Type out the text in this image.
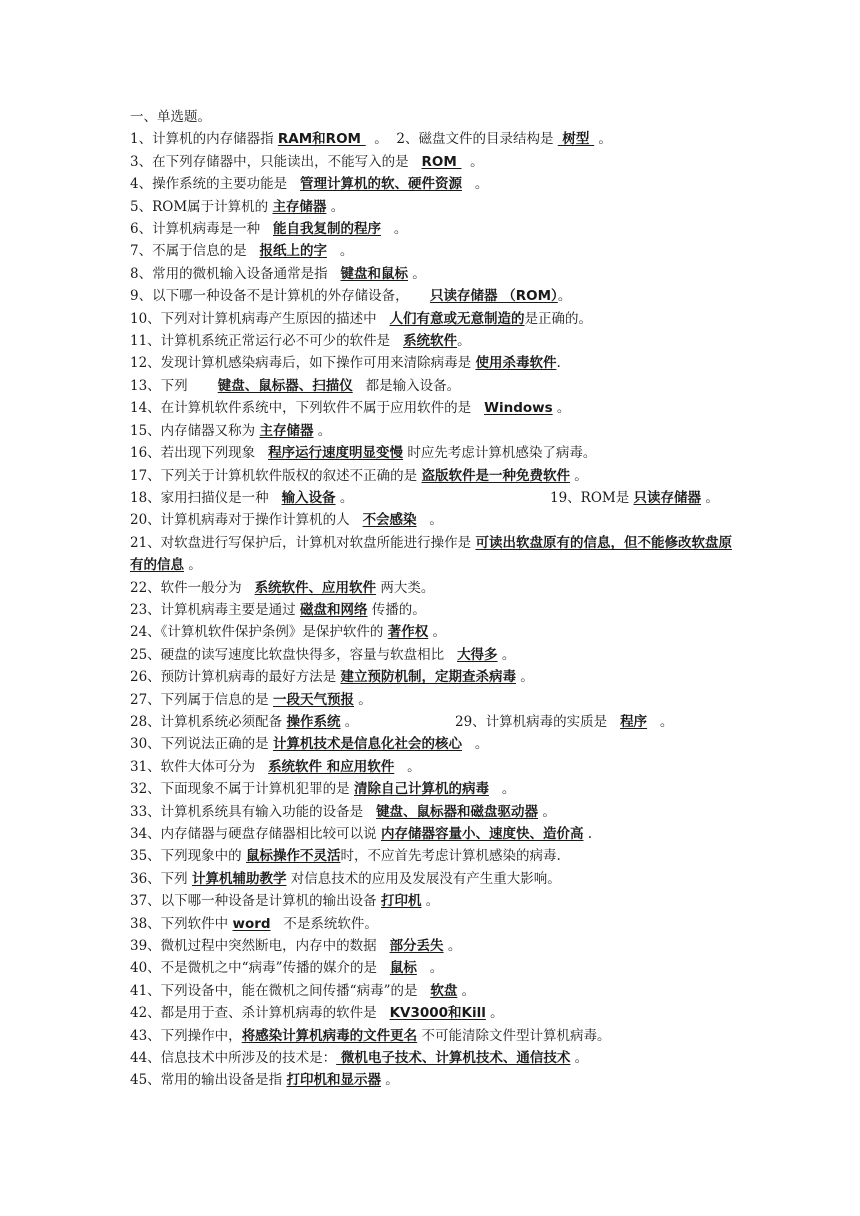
一、单选题。
1、计算机的内存储器指 RAM和ROM   。  2、磁盘文件的目录结构是  树型  。
3、在下列存储器中，只能读出，不能写入的是   ROM   。
4、操作系统的主要功能是   管理计算机的软、硬件资源   。
5、ROM属于计算机的 主存储器 。
6、计算机病毒是一种   能自我复制的程序   。
7、不属于信息的是   报纸上的字   。
8、常用的微机输入设备通常是指   键盘和鼠标 。
9、以下哪一种设备不是计算机的外存储设备，     只读存储器 （ROM）。
10、下列对计算机病毒产生原因的描述中   人们有意或无意制造的是正确的。
11、计算机系统正常运行必不可少的软件是   系统软件。
12、发现计算机感染病毒后，如下操作可用来清除病毒是 使用杀毒软件.
13、下列       键盘、鼠标器、扫描仪   都是输入设备。
14、在计算机软件系统中，下列软件不属于应用软件的是   Windows 。
15、内存储器又称为 主存储器 。
16、若出现下列现象   程序运行速度明显变慢 时应先考虑计算机感染了病毒。
17、下列关于计算机软件版权的叙述不正确的是 盗版软件是一种免费软件 。
18、家用扫描仪是一种   输入设备 。	19、ROM是 只读存储器 。
20、计算机病毒对于操作计算机的人   不会感染   。
21、对软盘进行写保护后，计算机对软盘所能进行操作是 可读出软盘原有的信息，但不能修改软盘原有的信息 。
22、软件一般分为   系统软件、应用软件 两大类。
23、计算机病毒主要是通过 磁盘和网络 传播的。
24、《计算机软件保护条例》是保护软件的 著作权 。
25、硬盘的读写速度比软盘快得多，容量与软盘相比   大得多 。
26、预防计算机病毒的最好方法是 建立预防机制，定期查杀病毒 。
27、下列属于信息的是 一段天气预报 。
28、计算机系统必须配备 操作系统 。	29、计算机病毒的实质是   程序   。
30、下列说法正确的是 计算机技术是信息化社会的核心   。
31、软件大体可分为   系统软件 和应用软件   。
32、下面现象不属于计算机犯罪的是 清除自己计算机的病毒   。
33、计算机系统具有输入功能的设备是   键盘、鼠标器和磁盘驱动器 。
34、内存储器与硬盘存储器相比较可以说 内存储器容量小、速度快、造价高 .
35、下列现象中的 鼠标操作不灵活时，不应首先考虑计算机感染的病毒.
36、下列 计算机辅助教学 对信息技术的应用及发展没有产生重大影响。
37、以下哪一种设备是计算机的输出设备 打印机 。
38、下列软件中 word   不是系统软件。
39、微机过程中突然断电，内存中的数据   部分丢失 。
40、不是微机之中“病毒”传播的媒介的是   鼠标   。
41、下列设备中，能在微机之间传播“病毒”的是   软盘 。
42、都是用于查、杀计算机病毒的软件是   KV3000和Kill 。
43、下列操作中，将感染计算机病毒的文件更名 不可能清除文件型计算机病毒。
44、信息技术中所涉及的技术是： 微机电子技术、计算机技术、通信技术 。
45、常用的输出设备是指 打印机和显示器 。
